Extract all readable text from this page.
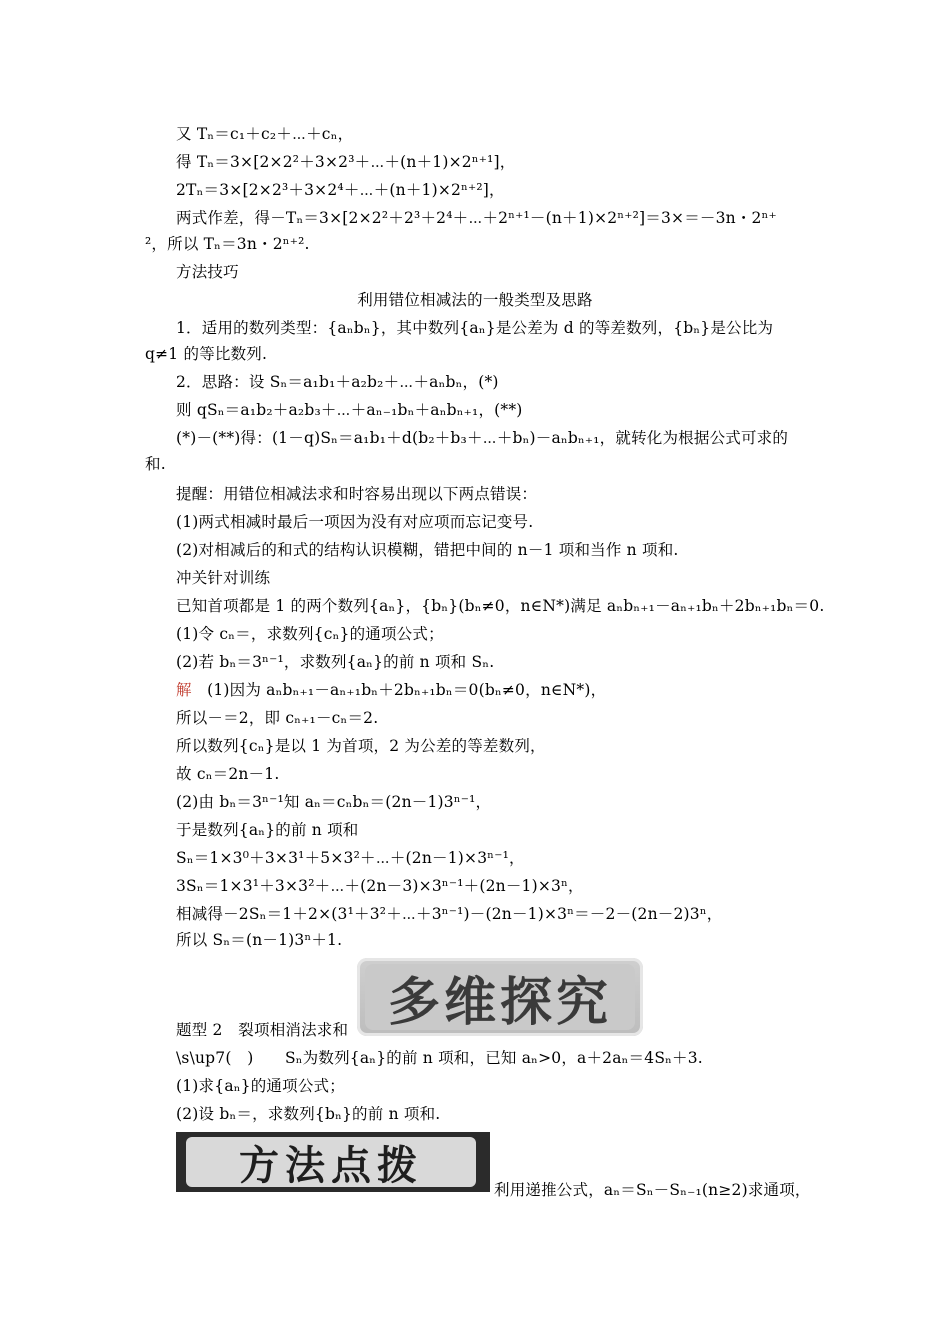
又 Tₙ＝c₁＋c₂＋⋯＋cₙ，
得 Tₙ＝3×[2×2²＋3×2³＋⋯＋(n＋1)×2ⁿ⁺¹]，
2Tₙ＝3×[2×2³＋3×2⁴＋⋯＋(n＋1)×2ⁿ⁺²]，
两式作差，得－Tₙ＝3×[2×2²＋2³＋2⁴＋⋯＋2ⁿ⁺¹－(n＋1)×2ⁿ⁺²]＝3×＝－3n・2ⁿ⁺
²，所以 Tₙ＝3n・2ⁿ⁺².
方法技巧
利用错位相减法的一般类型及思路
1．适用的数列类型：{aₙbₙ}，其中数列{aₙ}是公差为 d 的等差数列，{bₙ}是公比为
q≠1 的等比数列.
2．思路：设 Sₙ＝a₁b₁＋a₂b₂＋⋯＋aₙbₙ，(*)
则 qSₙ＝a₁b₂＋a₂b₃＋⋯＋aₙ₋₁bₙ＋aₙbₙ₊₁，(**)
(*)－(**)得：(1－q)Sₙ＝a₁b₁＋d(b₂＋b₃＋⋯＋bₙ)－aₙbₙ₊₁，就转化为根据公式可求的
和.
提醒：用错位相减法求和时容易出现以下两点错误：
(1)两式相减时最后一项因为没有对应项而忘记变号.
(2)对相减后的和式的结构认识模糊，错把中间的 n－1 项和当作 n 项和.
冲关针对训练
已知首项都是 1 的两个数列{aₙ}，{bₙ}(bₙ≠0，n∈N*)满足 aₙbₙ₊₁－aₙ₊₁bₙ＋2bₙ₊₁bₙ＝0.
(1)令 cₙ＝，求数列{cₙ}的通项公式；
(2)若 bₙ＝3ⁿ⁻¹，求数列{aₙ}的前 n 项和 Sₙ.
解 (1)因为 aₙbₙ₊₁－aₙ₊₁bₙ＋2bₙ₊₁bₙ＝0(bₙ≠0，n∈N*)，
所以－＝2，即 cₙ₊₁－cₙ＝2.
所以数列{cₙ}是以 1 为首项，2 为公差的等差数列，
故 cₙ＝2n－1.
(2)由 bₙ＝3ⁿ⁻¹知 aₙ＝cₙbₙ＝(2n－1)3ⁿ⁻¹，
于是数列{aₙ}的前 n 项和
Sₙ＝1×3⁰＋3×3¹＋5×3²＋⋯＋(2n－1)×3ⁿ⁻¹，
3Sₙ＝1×3¹＋3×3²＋⋯＋(2n－3)×3ⁿ⁻¹＋(2n－1)×3ⁿ，
相减得－2Sₙ＝1＋2×(3¹＋3²＋⋯＋3ⁿ⁻¹)－(2n－1)×3ⁿ＝－2－(2n－2)3ⁿ，
所以 Sₙ＝(n－1)3ⁿ＋1.
多维探究
题型 2　裂项相消法求和
\s\up7(　)　　Sₙ为数列{aₙ}的前 n 项和，已知 aₙ>0，a＋2aₙ＝4Sₙ＋3.
(1)求{aₙ}的通项公式；
(2)设 bₙ＝，求数列{bₙ}的前 n 项和.
方法点拨
利用递推公式，aₙ＝Sₙ－Sₙ₋₁(n≥2)求通项，
